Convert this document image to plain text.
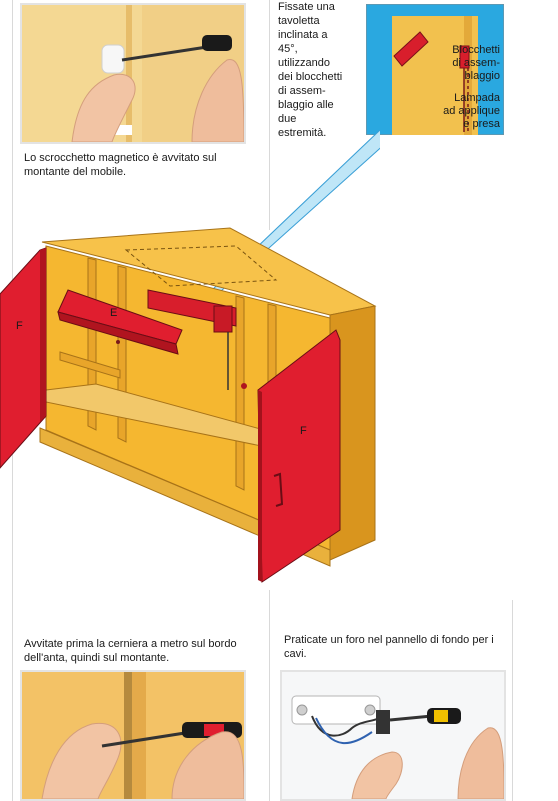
Lo scrocchetto magnetico è avvitato sul montante del mobile.
Fissate una
tavoletta
inclinata a
45°,
utilizzando
dei blocchetti
di assem-
blaggio alle
due
estremità.
Blocchetti
di assem-
blaggio
Lampada
ad applique
e presa
E
F
F
Avvitate prima la cerniera a metro sul bordo dell'anta, quindi sul montante.
Praticate un foro nel pannello di fondo per i cavi.
